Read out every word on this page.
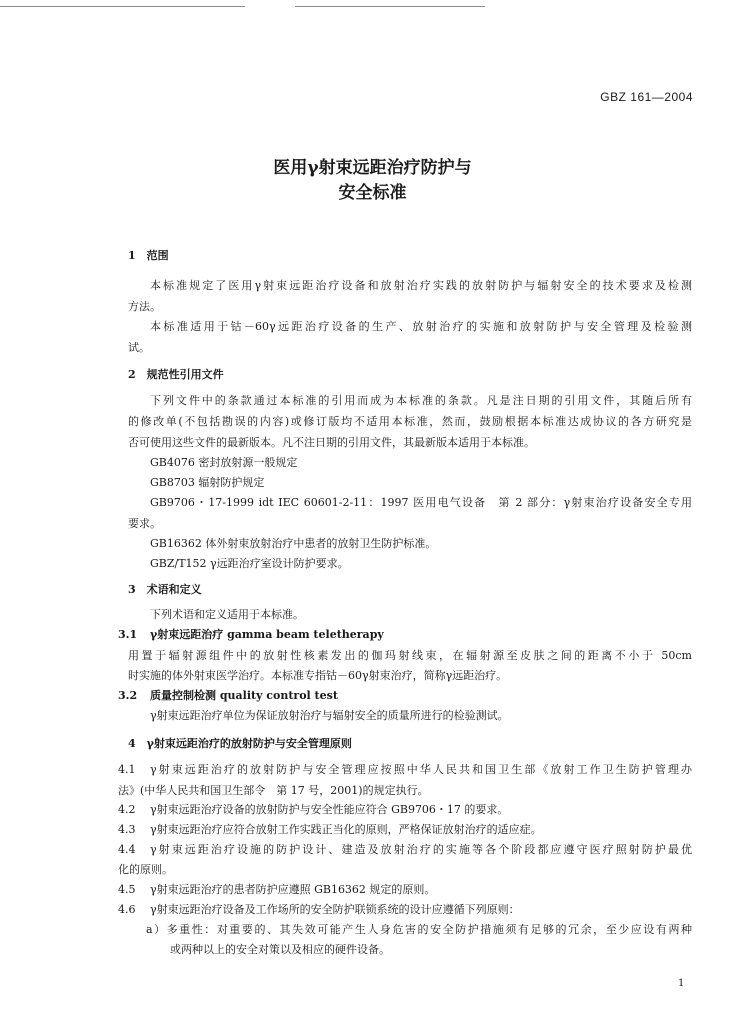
GBZ 161—2004
医用γ射束远距治疗防护与
安全标准
1　范围
本标准规定了医用γ射束远距治疗设备和放射治疗实践的放射防护与辐射安全的技术要求及检测
方法。
本标准适用于钴－60γ远距治疗设备的生产、放射治疗的实施和放射防护与安全管理及检验测
试。
2　规范性引用文件
下列文件中的条款通过本标准的引用而成为本标准的条款。凡是注日期的引用文件，其随后所有
的修改单(不包括勘误的内容)或修订版均不适用本标准，然而，鼓励根据本标准达成协议的各方研究是
否可使用这些文件的最新版本。凡不注日期的引用文件，其最新版本适用于本标准。
GB4076 密封放射源一般规定
GB8703 辐射防护规定
GB9706・17-1999 idt IEC 60601-2-11：1997 医用电气设备　第 2 部分：γ射束治疗设备安全专用
要求。
GB16362 体外射束放射治疗中患者的放射卫生防护标准。
GBZ/T152 γ远距治疗室设计防护要求。
3　术语和定义
下列术语和定义适用于本标准。
3.1 γ射束远距治疗 gamma beam teletherapy
用置于辐射源组件中的放射性核素发出的伽玛射线束，在辐射源至皮肤之间的距离不小于 50cm
时实施的体外射束医学治疗。本标准专指钴－60γ射束治疗，简称γ远距治疗。
3.2 质量控制检测 quality control test
γ射束远距治疗单位为保证放射治疗与辐射安全的质量所进行的检验测试。
4　γ射束远距治疗的放射防护与安全管理原则
4.1 γ射束远距治疗的放射防护与安全管理应按照中华人民共和国卫生部《放射工作卫生防护管理办
法》(中华人民共和国卫生部令　第 17 号，2001)的规定执行。
4.2 γ射束远距治疗设备的放射防护与安全性能应符合 GB9706・17 的要求。
4.3 γ射束远距治疗应符合放射工作实践正当化的原则，严格保证放射治疗的适应症。
4.4 γ射束远距治疗设施的防护设计、建造及放射治疗的实施等各个阶段都应遵守医疗照射防护最优
化的原则。
4.5 γ射束远距治疗的患者防护应遵照 GB16362 规定的原则。
4.6 γ射束远距治疗设备及工作场所的安全防护联锁系统的设计应遵循下列原则：
a）多重性：对重要的、其失效可能产生人身危害的安全防护措施须有足够的冗余，至少应设有两种
或两种以上的安全对策以及相应的硬件设备。
1
